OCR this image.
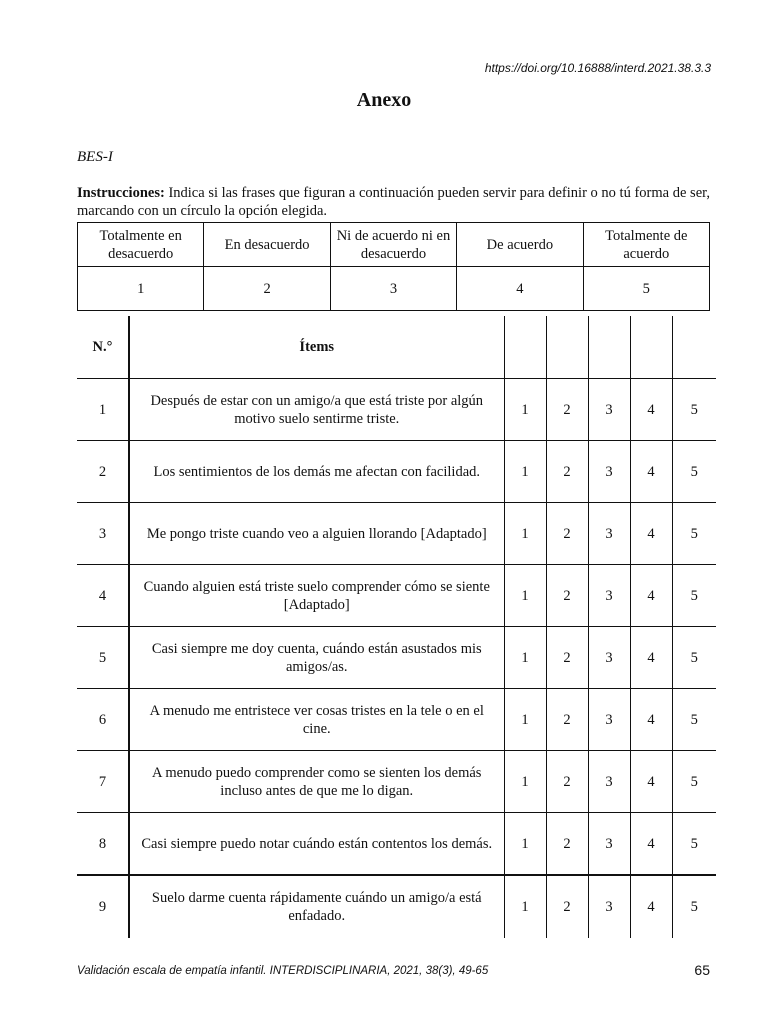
https://doi.org/10.16888/interd.2021.38.3.3
Anexo
BES-I
Instrucciones: Indica si las frases que figuran a continuación pueden servir para definir o no tú forma de ser, marcando con un círculo la opción elegida.
Totalmente en desacuerdo	En desacuerdo	Ni de acuerdo ni en desacuerdo	De acuerdo	Totalmente de acuerdo
1	2	3	4	5
N.°	Ítems					
1	Después de estar con un amigo/a que está triste por algún motivo suelo sentirme triste.	1	2	3	4	5
2	Los sentimientos de los demás me afectan con facilidad.	1	2	3	4	5
3	Me pongo triste cuando veo a alguien llorando [Adaptado]	1	2	3	4	5
4	Cuando alguien está triste suelo comprender cómo se siente [Adaptado]	1	2	3	4	5
5	Casi siempre me doy cuenta, cuándo están asustados mis amigos/as.	1	2	3	4	5
6	A menudo me entristece ver cosas tristes en la tele o en el cine.	1	2	3	4	5
7	A menudo puedo comprender como se sienten los demás incluso antes de que me lo digan.	1	2	3	4	5
8	Casi siempre puedo notar cuándo están contentos los demás.	1	2	3	4	5
9	Suelo darme cuenta rápidamente cuándo un amigo/a está enfadado.	1	2	3	4	5
Validación escala de empatía infantil. INTERDISCIPLINARIA, 2021, 38(3), 49-65	65
